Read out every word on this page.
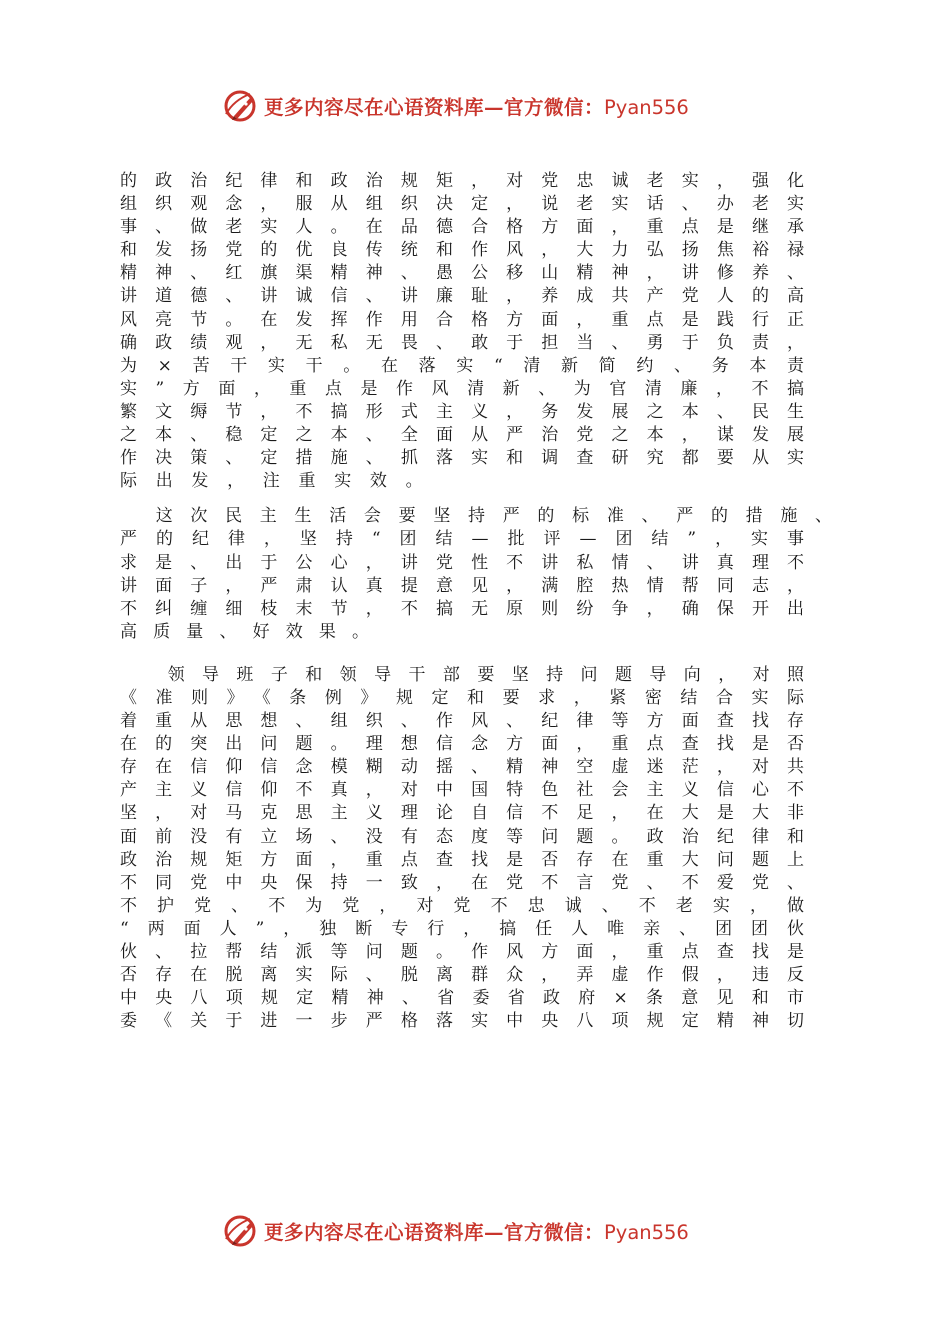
更多内容尽在心语资料库—官方微信：Pyan556
的政治纪律和政治规矩，对党忠诚老实，强化
组织观念，服从组织决定，说老实话、办老实
事、做老实人。在品德合格方面，重点是继承
和发扬党的优良传统和作风，大力弘扬焦裕禄
精神、红旗渠精神、愚公移山精神，讲修养、
讲道德、讲诚信、讲廉耻，养成共产党人的高
风亮节。在发挥作用合格方面，重点是践行正
确政绩观，无私无畏、敢于担当、勇于负责，
为×苦干实干。在落实“清新简约、务本责
实”方面，重点是作风清新、为官清廉，不搞
繁文缛节，不搞形式主义，务发展之本、民生
之本、稳定之本、全面从严治党之本，谋发展
作决策、定措施、抓落实和调查研究都要从实
际出发，注重实效。
这次民主生活会要坚持严的标准、严的措施、
严的纪律，坚持“团结—批评—团结”，实事
求是、出于公心，讲党性不讲私情、讲真理不
讲面子，严肃认真提意见，满腔热情帮同志，
不纠缠细枝末节，不搞无原则纷争，确保开出
高质量、好效果。
领导班子和领导干部要坚持问题导向，对照
《准则》《条例》规定和要求，紧密结合实际
着重从思想、组织、作风、纪律等方面查找存
在的突出问题。理想信念方面，重点查找是否
存在信仰信念模糊动摇、精神空虚迷茫，对共
产主义信仰不真，对中国特色社会主义信心不
坚，对马克思主义理论自信不足，在大是大非
面前没有立场、没有态度等问题。政治纪律和
政治规矩方面，重点查找是否存在重大问题上
不同党中央保持一致，在党不言党、不爱党、
不护党、不为党，对党不忠诚、不老实，做
“两面人”，独断专行，搞任人唯亲、团团伙
伙、拉帮结派等问题。作风方面，重点查找是
否存在脱离实际、脱离群众，弄虚作假，违反
中央八项规定精神、省委省政府×条意见和市
委《关于进一步严格落实中央八项规定精神切
更多内容尽在心语资料库—官方微信：Pyan556
